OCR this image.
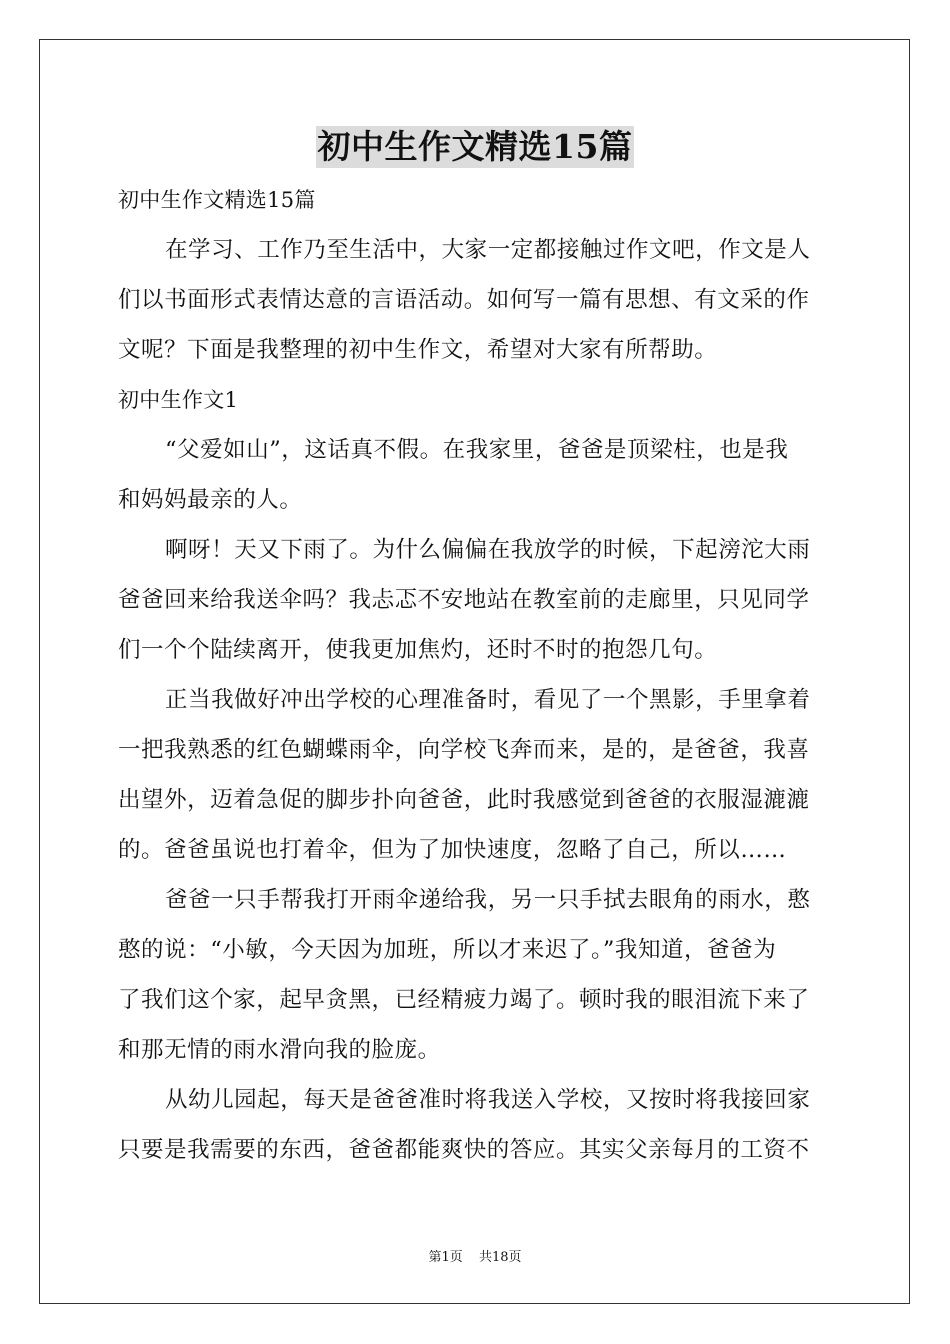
初中生作文精选15篇
初中生作文精选15篇
在学习、工作乃至生活中，大家一定都接触过作文吧，作文是人
们以书面形式表情达意的言语活动。如何写一篇有思想、有文采的作
文呢？下面是我整理的初中生作文，希望对大家有所帮助。
初中生作文1
“父爱如山”，这话真不假。在我家里，爸爸是顶梁柱，也是我
和妈妈最亲的人。
啊呀！天又下雨了。为什么偏偏在我放学的时候，下起滂沱大雨
爸爸回来给我送伞吗？我忐忑不安地站在教室前的走廊里，只见同学
们一个个陆续离开，使我更加焦灼，还时不时的抱怨几句。
正当我做好冲出学校的心理准备时，看见了一个黑影，手里拿着
一把我熟悉的红色蝴蝶雨伞，向学校飞奔而来，是的，是爸爸，我喜
出望外，迈着急促的脚步扑向爸爸，此时我感觉到爸爸的衣服湿漉漉
的。爸爸虽说也打着伞，但为了加快速度，忽略了自己，所以……
爸爸一只手帮我打开雨伞递给我，另一只手拭去眼角的雨水，憨
憨的说：“小敏，今天因为加班，所以才来迟了。”我知道，爸爸为
了我们这个家，起早贪黑，已经精疲力竭了。顿时我的眼泪流下来了
和那无情的雨水滑向我的脸庞。
从幼儿园起，每天是爸爸准时将我送入学校，又按时将我接回家
只要是我需要的东西，爸爸都能爽快的答应。其实父亲每月的工资不
第1页 共18页
